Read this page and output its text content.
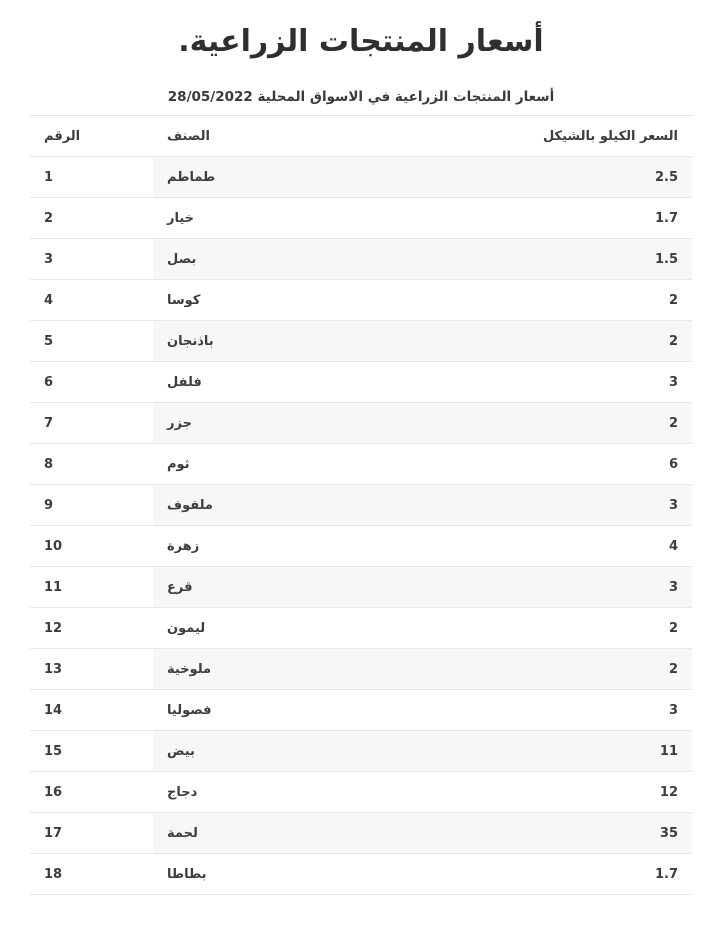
أسعار المنتجات الزراعية.
أسعار المنتجات الزراعية في الاسواق المحلية 28/05/2022
السعر الكيلو بالشيكل	الصنف	الرقم
2.5	طماطم	1
1.7	خيار	2
1.5	بصل	3
2	كوسا	4
2	باذنجان	5
3	فلفل	6
2	جزر	7
6	ثوم	8
3	ملفوف	9
4	زهرة	10
3	قرع	11
2	ليمون	12
2	ملوخية	13
3	فصوليا	14
11	بيض	15
12	دجاج	16
35	لحمة	17
1.7	بطاطا	18
